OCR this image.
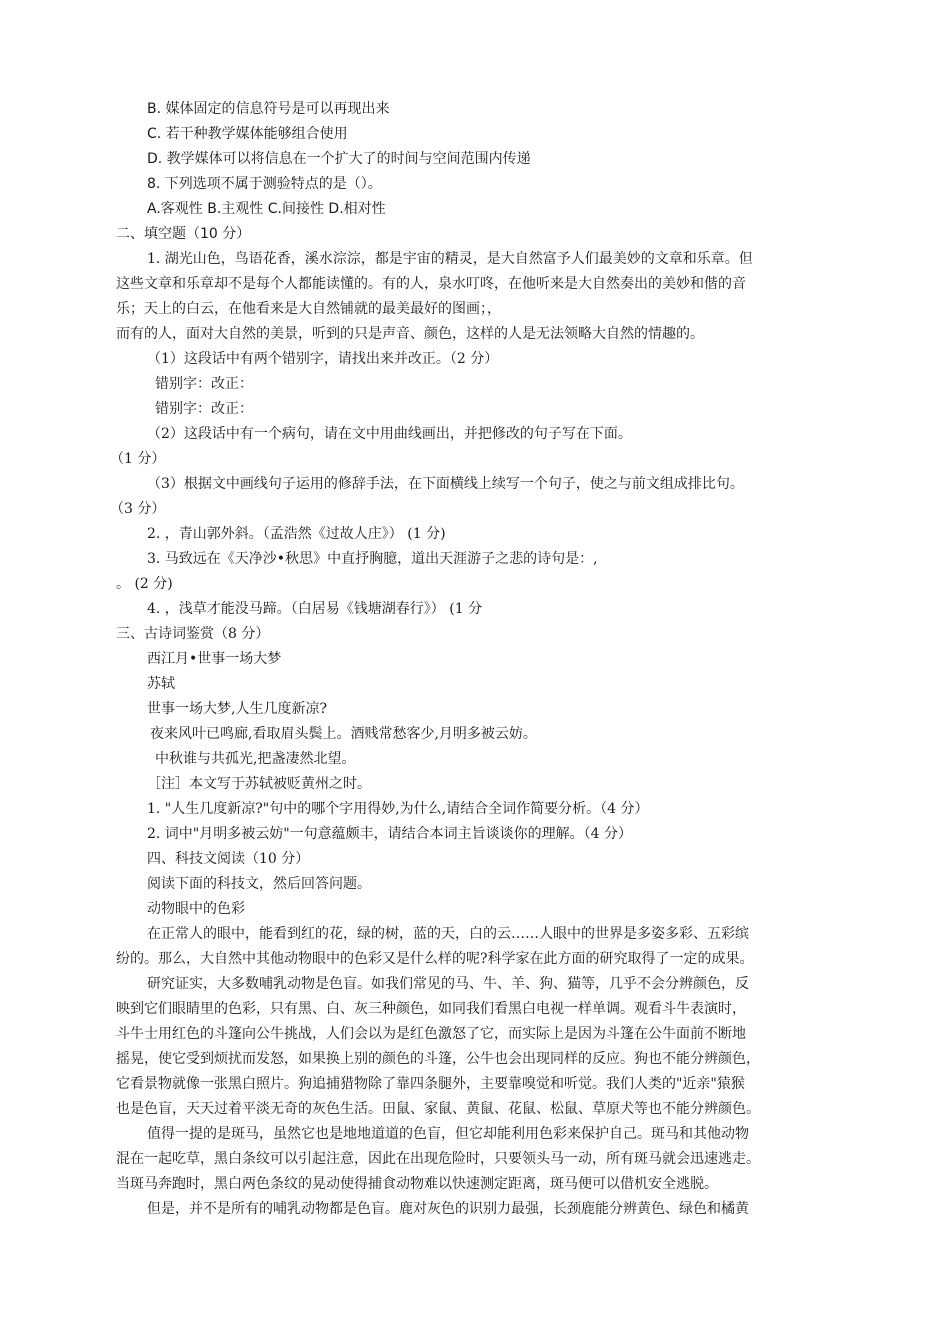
B. 媒体固定的信息符号是可以再现出来
C. 若干种教学媒体能够组合使用
D. 教学媒体可以将信息在一个扩大了的时间与空间范围内传递
8. 下列选项不属于测验特点的是（）。
A.客观性 B.主观性 C.间接性 D.相对性
二、填空题（10 分）
1. 湖光山色，鸟语花香，溪水淙淙，都是宇宙的精灵，是大自然富予人们最美妙的文章和乐章。但
这些文章和乐章却不是每个人都能读懂的。有的人，泉水叮咚，在他听来是大自然奏出的美妙和偕的音
乐；天上的白云，在他看来是大自然铺就的最美最好的图画；，
而有的人，面对大自然的美景，听到的只是声音、颜色，这样的人是无法领略大自然的情趣的。
（1）这段话中有两个错别字，请找出来并改正。（2 分）
错别字：改正：
错别字：改正：
（2）这段话中有一个病句，请在文中用曲线画出，并把修改的句子写在下面。
（1 分）
（3）根据文中画线句子运用的修辞手法，在下面横线上续写一个句子，使之与前文组成排比句。
（3 分）
2. ，青山郭外斜。（孟浩然《过故人庄》） (1 分)
3. 马致远在《天净沙•秋思》中直抒胸臆，道出天涯游子之悲的诗句是：,
。 (2 分)
4. ，浅草才能没马蹄。（白居易《钱塘湖春行》） (1 分
三、古诗词鉴赏（8 分）
西江月•世事一场大梦
苏轼
世事一场大梦,人生几度新凉?
夜来风叶已鸣廊,看取眉头鬓上。酒贱常愁客少,月明多被云妨。
中秋谁与共孤光,把盏凄然北望。
［注］本文写于苏轼被贬黄州之时。
1. "人生几度新凉?"句中的哪个字用得妙,为什么,请结合全词作简要分析。（4 分）
2. 词中"月明多被云妨"一句意蕴颇丰，请结合本词主旨谈谈你的理解。（4 分）
四、科技文阅读（10 分）
阅读下面的科技文，然后回答问题。
动物眼中的色彩
在正常人的眼中，能看到红的花，绿的树，蓝的天，白的云……人眼中的世界是多姿多彩、五彩缤
纷的。那么，大自然中其他动物眼中的色彩又是什么样的呢?科学家在此方面的研究取得了一定的成果。
研究证实，大多数哺乳动物是色盲。如我们常见的马、牛、羊、狗、猫等，几乎不会分辨颜色，反
映到它们眼睛里的色彩，只有黑、白、灰三种颜色，如同我们看黑白电视一样单调。观看斗牛表演时，
斗牛士用红色的斗篷向公牛挑战，人们会以为是红色激怒了它，而实际上是因为斗篷在公牛面前不断地
摇晃，使它受到烦扰而发怒，如果换上别的颜色的斗篷，公牛也会出现同样的反应。狗也不能分辨颜色，
它看景物就像一张黑白照片。狗追捕猎物除了靠四条腿外，主要靠嗅觉和听觉。我们人类的"近亲"猿猴
也是色盲，天天过着平淡无奇的灰色生活。田鼠、家鼠、黄鼠、花鼠、松鼠、草原犬等也不能分辨颜色。
值得一提的是斑马，虽然它也是地地道道的色盲，但它却能利用色彩来保护自己。斑马和其他动物
混在一起吃草，黑白条纹可以引起注意，因此在出现危险时，只要领头马一动，所有斑马就会迅速逃走。
当斑马奔跑时，黑白两色条纹的晃动使得捕食动物难以快速测定距离，斑马便可以借机安全逃脱。
但是，并不是所有的哺乳动物都是色盲。鹿对灰色的识别力最强，长颈鹿能分辨黄色、绿色和橘黄
